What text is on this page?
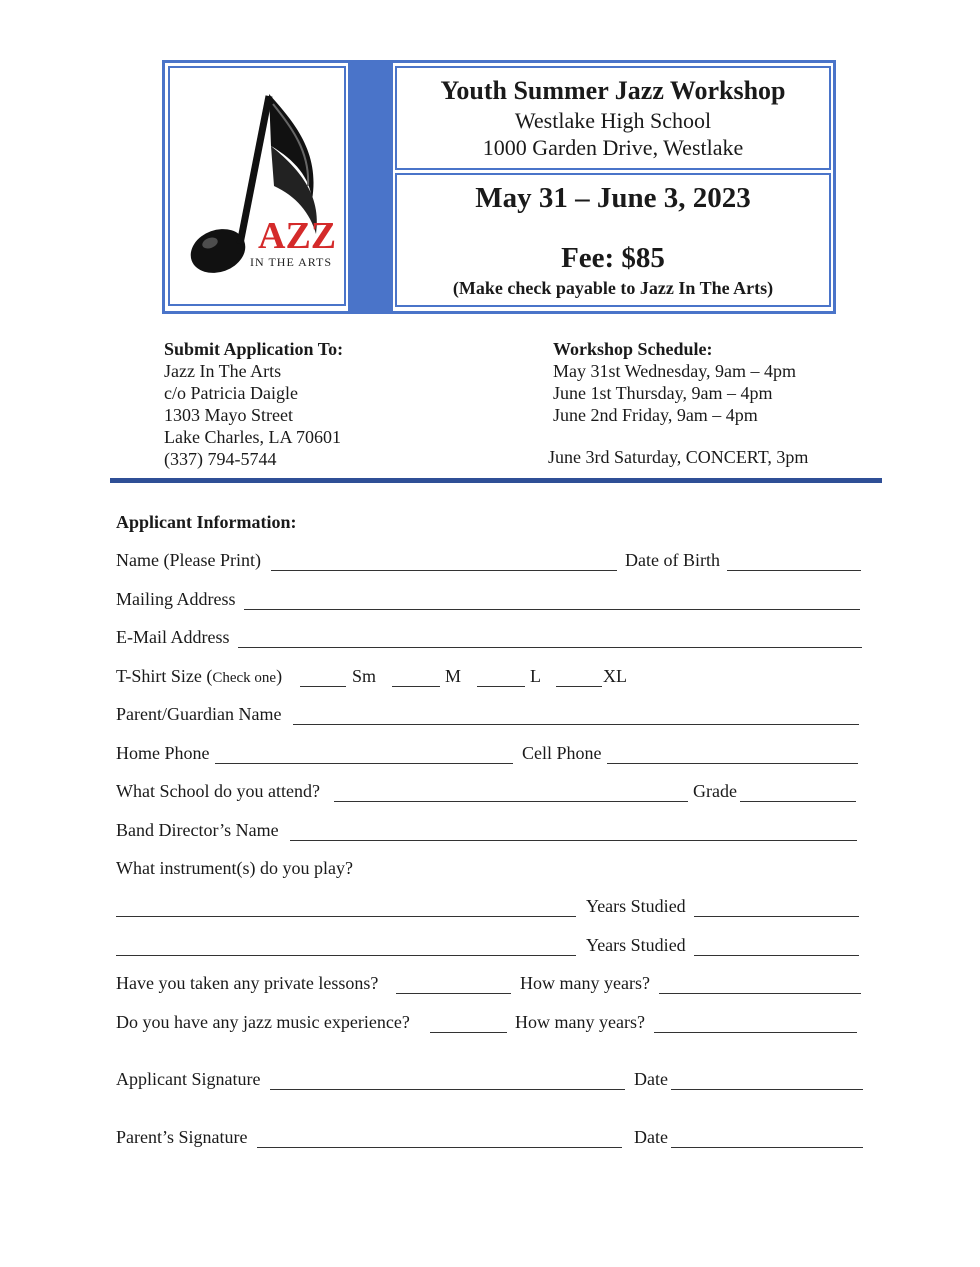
AZZ
IN THE ARTS
Youth Summer Jazz Workshop
Westlake High School
1000 Garden Drive, Westlake
May 31 – June 3, 2023
Fee: $85
(Make check payable to Jazz In The Arts)
Submit Application To:
Jazz In The Arts
c/o Patricia Daigle
1303 Mayo Street
Lake Charles, LA 70601
(337) 794-5744
Workshop Schedule:
May 31st Wednesday, 9am – 4pm
June 1st Thursday, 9am – 4pm
June 2nd Friday, 9am – 4pm
June 3rd Saturday, CONCERT, 3pm
Applicant Information:
Name (Please Print)	Date of Birth
Mailing Address
E-Mail Address
T-Shirt Size (Check one)	Sm	M	L	XL
Parent/Guardian Name
Home Phone	Cell Phone
What School do you attend?	Grade
Band Director’s Name
What instrument(s) do you play?
Years Studied
Years Studied
Have you taken any private lessons?	How many years?
Do you have any jazz music experience?	How many years?
Applicant Signature	Date
Parent’s Signature	Date
